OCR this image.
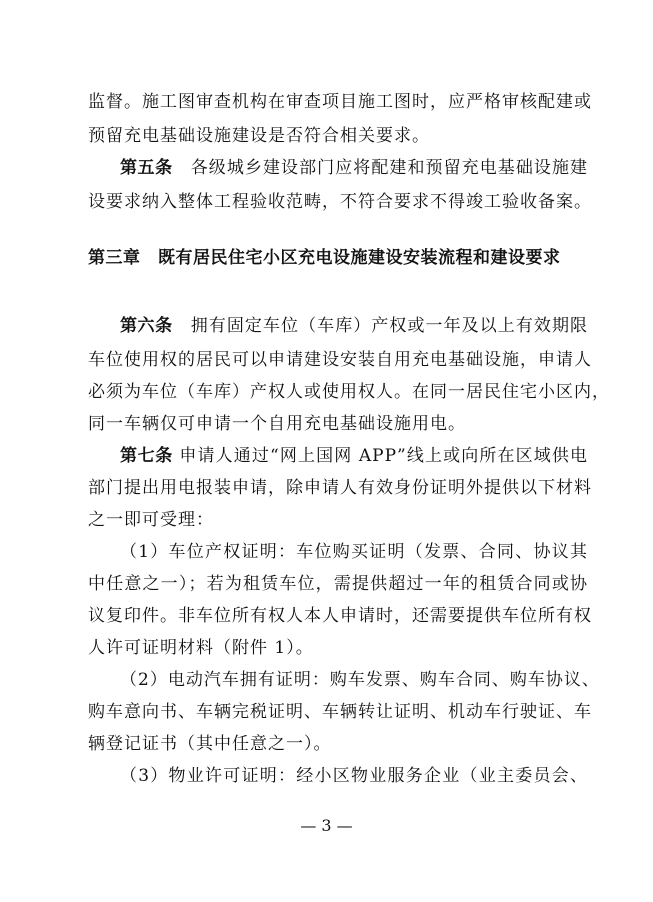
监督。施工图审查机构在审查项目施工图时，应严格审核配建或
预留充电基础设施建设是否符合相关要求。
第五条　 各级城乡建设部门应将配建和预留充电基础设施建
设要求纳入整体工程验收范畴，不符合要求不得竣工验收备案。
第三章　既有居民住宅小区充电设施建设安装流程和建设要求
第六条　 拥有固定车位（车库）产权或一年及以上有效期限
车位使用权的居民可以申请建设安装自用充电基础设施，申请人
必须为车位（车库）产权人或使用权人。在同一居民住宅小区内，
同一车辆仅可申请一个自用充电基础设施用电。
第七条 申请人通过“网上国网 APP”线上或向所在区域供电
部门提出用电报装申请，除申请人有效身份证明外提供以下材料
之一即可受理：
（1）车位产权证明：车位购买证明（发票、合同、协议其
中任意之一）；若为租赁车位，需提供超过一年的租赁合同或协
议复印件。非车位所有权人本人申请时，还需要提供车位所有权
人许可证明材料（附件 1）。
（2）电动汽车拥有证明：购车发票、购车合同、购车协议、
购车意向书、车辆完税证明、车辆转让证明、机动车行驶证、车
辆登记证书（其中任意之一）。
（3）物业许可证明：经小区物业服务企业（业主委员会、
— 3 —
